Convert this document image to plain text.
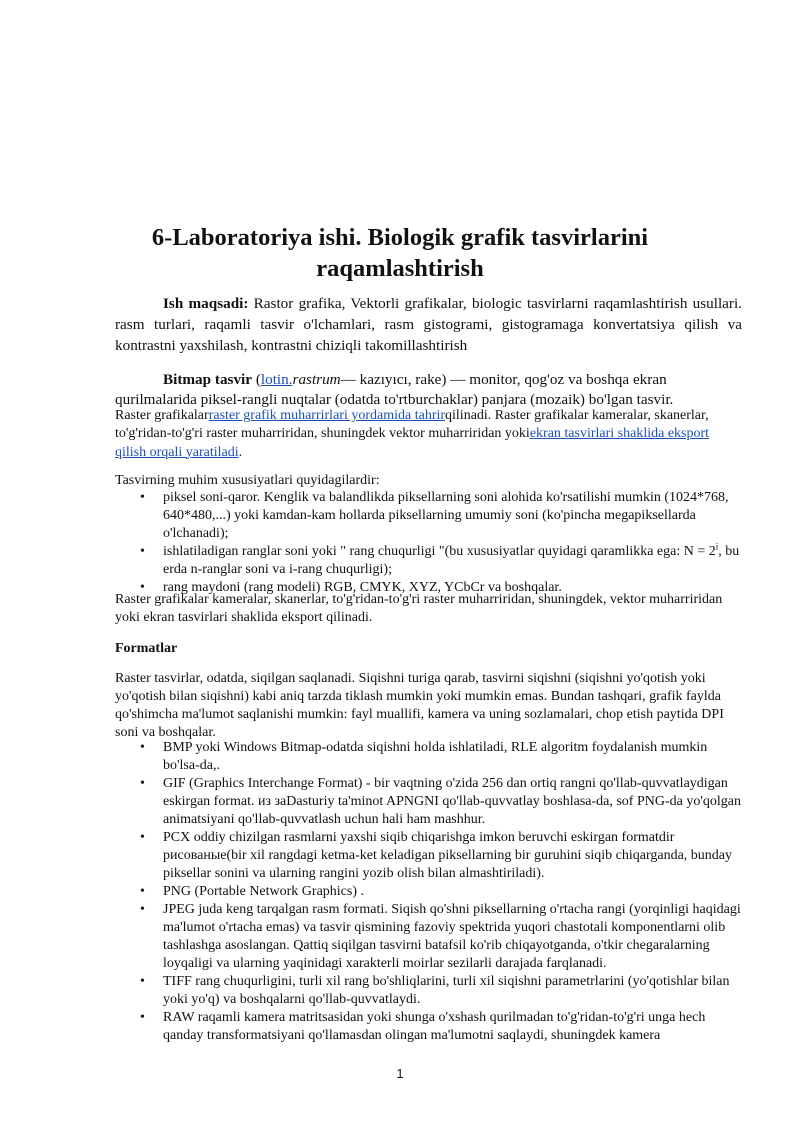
6-Laboratoriya ishi. Biologik grafik tasvirlarini
raqamlashtirish

Ish maqsadi: Rastor grafika, Vektorli grafikalar, biologic tasvirlarni raqamlashtirish usullari. rasm turlari, raqamli tasvir o'lchamlari, rasm gistogrami, gistogramaga konvertatsiya qilish va kontrastni yaxshilash, kontrastni chiziqli takomillashtirish

Bitmap tasvir (lotin.rastrum— kazıyıcı, rake) — monitor, qog'oz va boshqa ekran qurilmalarida piksel-rangli nuqtalar (odatda to'rtburchaklar) panjara (mozaik) bo'lgan tasvir.

Raster grafikalarraster grafik muharrirlari yordamida tahrirqilinadi. Raster grafikalar kameralar, skanerlar, to'g'ridan-to'g'ri raster muharriridan, shuningdek vektor muharriridan yokiekran tasvirlari shaklida eksport qilish orqali yaratiladi.

Tasvirning muhim xususiyatlari quyidagilardir:

• piksel soni-qaror. Kenglik va balandlikda piksellarning soni alohida ko'rsatilishi mumkin (1024*768, 640*480,...) yoki kamdan-kam hollarda piksellarning umumiy soni (ko'pincha megapiksellarda o'lchanadi);
• ishlatiladigan ranglar soni yoki " rang chuqurligi "(bu xususiyatlar quyidagi qaramlikka ega: $N = 2^i$, bu erda n-ranglar soni va i-rang chuqurligi);
• rang maydoni (rang modeli) RGB, CMYK, XYZ, YCbCr va boshqalar.

Raster grafikalar kameralar, skanerlar, to'g'ridan-to'g'ri raster muharriridan, shuningdek, vektor muharriridan yoki ekran tasvirlari shaklida eksport qilinadi.

Formatlar

Raster tasvirlar, odatda, siqilgan saqlanadi. Siqishni turiga qarab, tasvirni siqishni (siqishni yo'qotish yoki yo'qotish bilan siqishni) kabi aniq tarzda tiklash mumkin yoki mumkin emas. Bundan tashqari, grafik faylda qo'shimcha ma'lumot saqlanishi mumkin: fayl muallifi, kamera va uning sozlamalari, chop etish paytida DPI soni va boshqalar.

• BMP yoki Windows Bitmap-odatda siqishni holda ishlatiladi, RLE algoritm foydalanish mumkin bo'lsa-da,.
• GIF (Graphics Interchange Format) - bir vaqtning o'zida 256 dan ortiq rangni qo'llab-quvvatlaydigan eskirgan format. из заDasturiy ta'minot APNGNI qo'llab-quvvatlay boshlasa-da, sof PNG-da yo'qolgan animatsiyani qo'llab-quvvatlash uchun hali ham mashhur.
• PCX oddiy chizilgan rasmlarni yaxshi siqib chiqarishga imkon beruvchi eskirgan formatdir рисованые(bir xil rangdagi ketma-ket keladigan piksellarning bir guruhini siqib chiqarganda, bunday piksellar sonini va ularning rangini yozib olish bilan almashtiriladi).
• PNG (Portable Network Graphics) .
• JPEG juda keng tarqalgan rasm formati. Siqish qo'shni piksellarning o'rtacha rangi (yorqinligi haqidagi ma'lumot o'rtacha emas) va tasvir qismining fazoviy spektrida yuqori chastotali komponentlarni olib tashlashga asoslangan. Qattiq siqilgan tasvirni batafsil ko'rib chiqayotganda, o'tkir chegaralarning loyqaligi va ularning yaqinidagi xarakterli moirlar sezilarli darajada farqlanadi.
• TIFF rang chuqurligini, turli xil rang bo'shliqlarini, turli xil siqishni parametrlarini (yo'qotishlar bilan yoki yo'q) va boshqalarni qo'llab-quvvatlaydi.
• RAW raqamli kamera matritsasidan yoki shunga o'xshash qurilmadan to'g'ridan-to'g'ri unga hech qanday transformatsiyani qo'llamasdan olingan ma'lumotni saqlaydi, shuningdek kamera

1
